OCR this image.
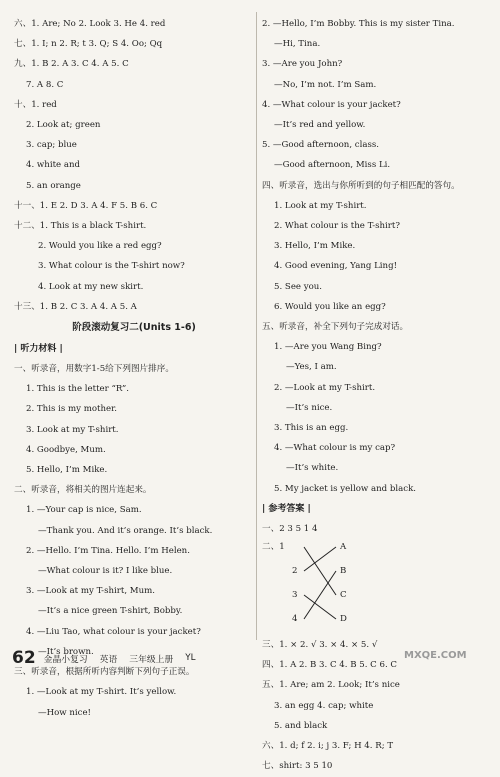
六、1. Are; No 2. Look 3. He 4. red
七、1. I; n 2. R; t 3. Q; S 4. Oo; Qq
九、1. B 2. A 3. C 4. A 5. C
7. A 8. C
十、1. red
2. Look at; green
3. cap; blue
4. white and
5. an orange
十一、1. E 2. D 3. A 4. F 5. B 6. C
十二、1. This is a black T-shirt.
2. Would you like a red egg?
3. What colour is the T-shirt now?
4. Look at my new skirt.
十三、1. B 2. C 3. A 4. A 5. A
阶段滚动复习二(Units 1-6)
| 听力材料 |
一、听录音，用数字1-5给下列图片排序。
1. This is the letter “R”.
2. This is my mother.
3. Look at my T-shirt.
4. Goodbye, Mum.
5. Hello, I’m Mike.
二、听录音，将相关的图片连起来。
1. —Your cap is nice, Sam.
—Thank you. And it’s orange. It’s black.
2. —Hello. I’m Tina. Hello. I’m Helen.
—What colour is it? I like blue.
3. —Look at my T-shirt, Mum.
—It’s a nice green T-shirt, Bobby.
4. —Liu Tao, what colour is your jacket?
—It’s brown.
三、听录音，根据所听内容判断下列句子正误。
1. —Look at my T-shirt. It’s yellow.
—How nice!
2. —Hello, I’m Bobby. This is my sister Tina.
—Hi, Tina.
3. —Are you John?
—No, I’m not. I’m Sam.
4. —What colour is your jacket?
—It’s red and yellow.
5. —Good afternoon, class.
—Good afternoon, Miss Li.
四、听录音，选出与你所听到的句子相匹配的答句。
1. Look at my T-shirt.
2. What colour is the T-shirt?
3. Hello, I’m Mike.
4. Good evening, Yang Ling!
5. See you.
6. Would you like an egg?
五、听录音，补全下列句子完成对话。
1. —Are you Wang Bing?
—Yes, I am.
2. —Look at my T-shirt.
—It’s nice.
3. This is an egg.
4. —What colour is my cap?
—It’s white.
5. My jacket is yellow and black.
| 参考答案 |
一、2 3 5 1 4
二、1
2
3
4
A
B
C
D
三、1. × 2. √ 3. × 4. × 5. √
四、1. A 2. B 3. C 4. B 5. C 6. C
五、1. Are; am 2. Look; It’s nice
3. an egg 4. cap; white
5. and black
六、1. d; f 2. i; j 3. F; H 4. R; T
七、shirt: 3 5 10
62 金晶小复习 英语 三年级上册 YL	MXQE.COM
